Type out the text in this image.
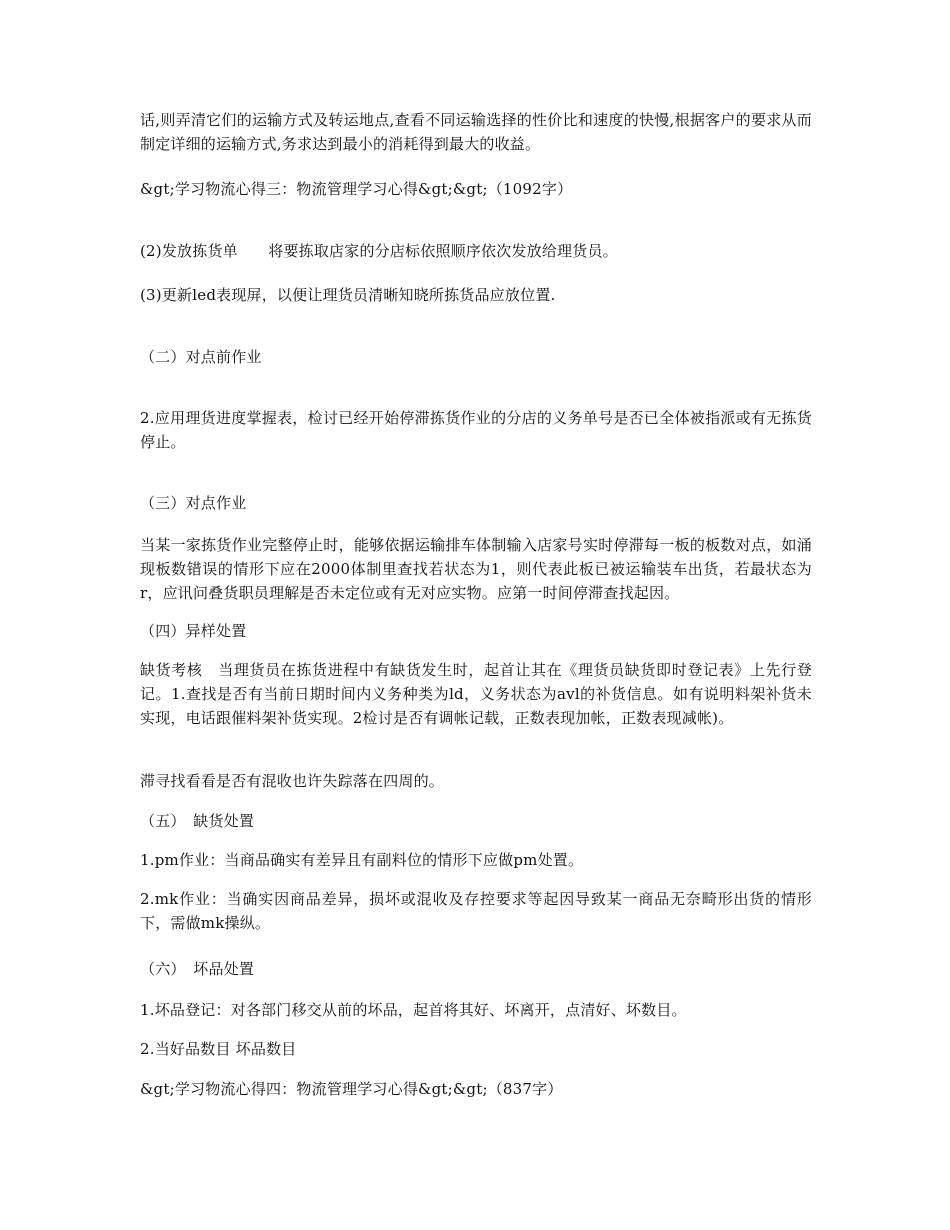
话,则弄清它们的运输方式及转运地点,查看不同运输选择的性价比和速度的快慢,根据客户的要求从而制定详细的运输方式,务求达到最小的消耗得到最大的收益。

&gt;学习物流心得三：物流管理学习心得&gt;&gt;（1092字）

(2)发放拣货单　　将要拣取店家的分店标依照顺序依次发放给理货员。

(3)更新led表现屏，以便让理货员清晰知晓所拣货品应放位置.

（二）对点前作业

2.应用理货进度掌握表，检讨已经开始停滞拣货作业的分店的义务单号是否已全体被指派或有无拣货停止。

（三）对点作业

当某一家拣货作业完整停止时，能够依据运输排车体制输入店家号实时停滞每一板的板数对点，如涌现板数错误的情形下应在2000体制里查找若状态为1，则代表此板已被运输装车出货，若最状态为r，应讯问叠货职员理解是否未定位或有无对应实物。应第一时间停滞查找起因。

（四）异样处置

缺货考核　当理货员在拣货进程中有缺货发生时，起首让其在《理货员缺货即时登记表》上先行登记。1.查找是否有当前日期时间内义务种类为ld，义务状态为avl的补货信息。如有说明料架补货未实现，电话跟催料架补货实现。2检讨是否有调帐记载，正数表现加帐，正数表现减帐)。

滞寻找看看是否有混收也许失踪落在四周的。

（五）　缺货处置

1.pm作业：当商品确实有差异且有副料位的情形下应做pm处置。

2.mk作业：当确实因商品差异，损坏或混收及存控要求等起因导致某一商品无奈畸形出货的情形下，需做mk操纵。

（六）　坏品处置

1.坏品登记：对各部门移交从前的坏品，起首将其好、坏离开，点清好、坏数目。

2.当好品数目 坏品数目

&gt;学习物流心得四：物流管理学习心得&gt;&gt;（837字）
